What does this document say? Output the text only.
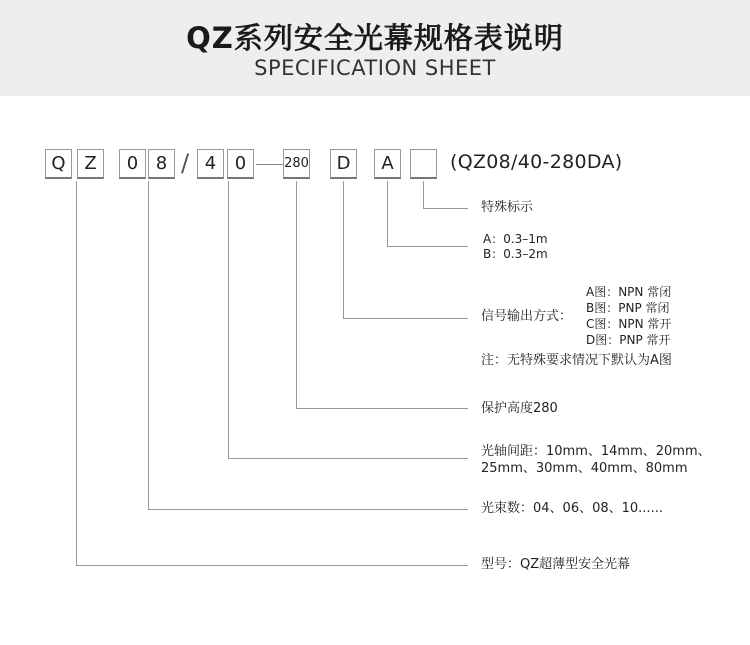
QZ系列安全光幕规格表说明
SPECIFICATION SHEET
Q	Z	0 8 / 4	0	280	D	A	(QZ08/40-280DA)
特殊标示
A：0.3–1m
B：0.3–2m
信号输出方式：
A图：NPN 常闭
B图：PNP 常闭
C图：NPN 常开
D图：PNP 常开
注：无特殊要求情况下默认为A图
保护高度280
光轴间距：10mm、14mm、20mm、
25mm、30mm、40mm、80mm
光束数：04、06、08、10......
型号：QZ超薄型安全光幕
